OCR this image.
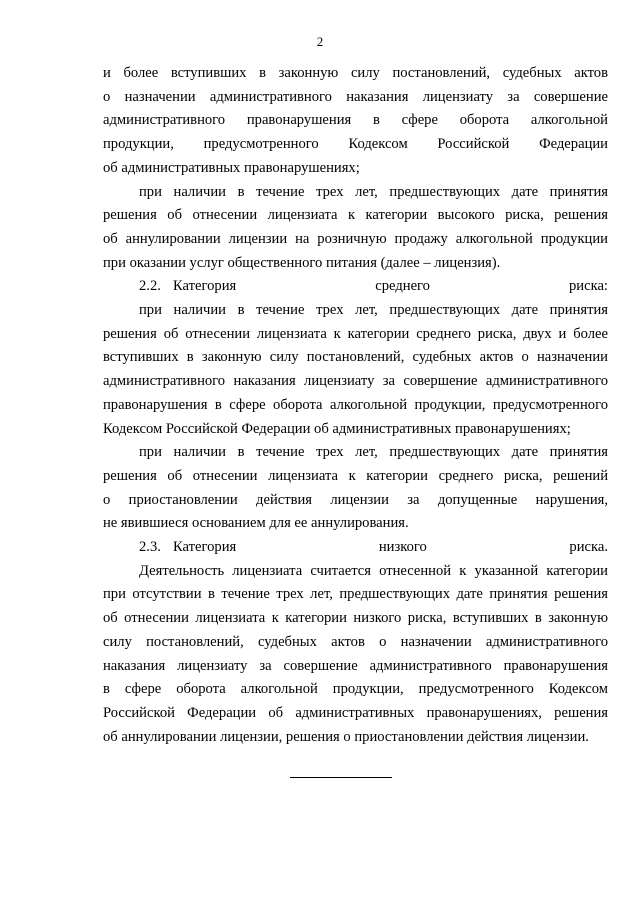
2

и более вступивших в законную силу постановлений, судебных актов

о назначении административного наказания лицензиату за совершение

административного правонарушения в сфере оборота алкогольной

продукции, предусмотренного Кодексом Российской Федерации

об административных правонарушениях;

при наличии в течение трех лет, предшествующих дате принятия

решения об отнесении лицензиата к категории высокого риска, решения

об аннулировании лицензии на розничную продажу алкогольной продукции

при оказании услуг общественного питания (далее – лицензия).

2.2. Категория среднего риска:

при наличии в течение трех лет, предшествующих дате принятия

решения об отнесении лицензиата к категории среднего риска, двух и более

вступивших в законную силу постановлений, судебных актов о назначении

административного наказания лицензиату за совершение административного

правонарушения в сфере оборота алкогольной продукции, предусмотренного

Кодексом Российской Федерации об административных правонарушениях;

при наличии в течение трех лет, предшествующих дате принятия

решения об отнесении лицензиата к категории среднего риска, решений

о приостановлении действия лицензии за допущенные нарушения,

не явившиеся основанием для ее аннулирования.

2.3. Категория низкого риска.

Деятельность лицензиата считается отнесенной к указанной категории

при отсутствии в течение трех лет, предшествующих дате принятия решения

об отнесении лицензиата к категории низкого риска, вступивших в законную

силу постановлений, судебных актов о назначении административного

наказания лицензиату за совершение административного правонарушения

в сфере оборота алкогольной продукции, предусмотренного Кодексом

Российской Федерации об административных правонарушениях, решения

об аннулировании лицензии, решения о приостановлении действия лицензии.
